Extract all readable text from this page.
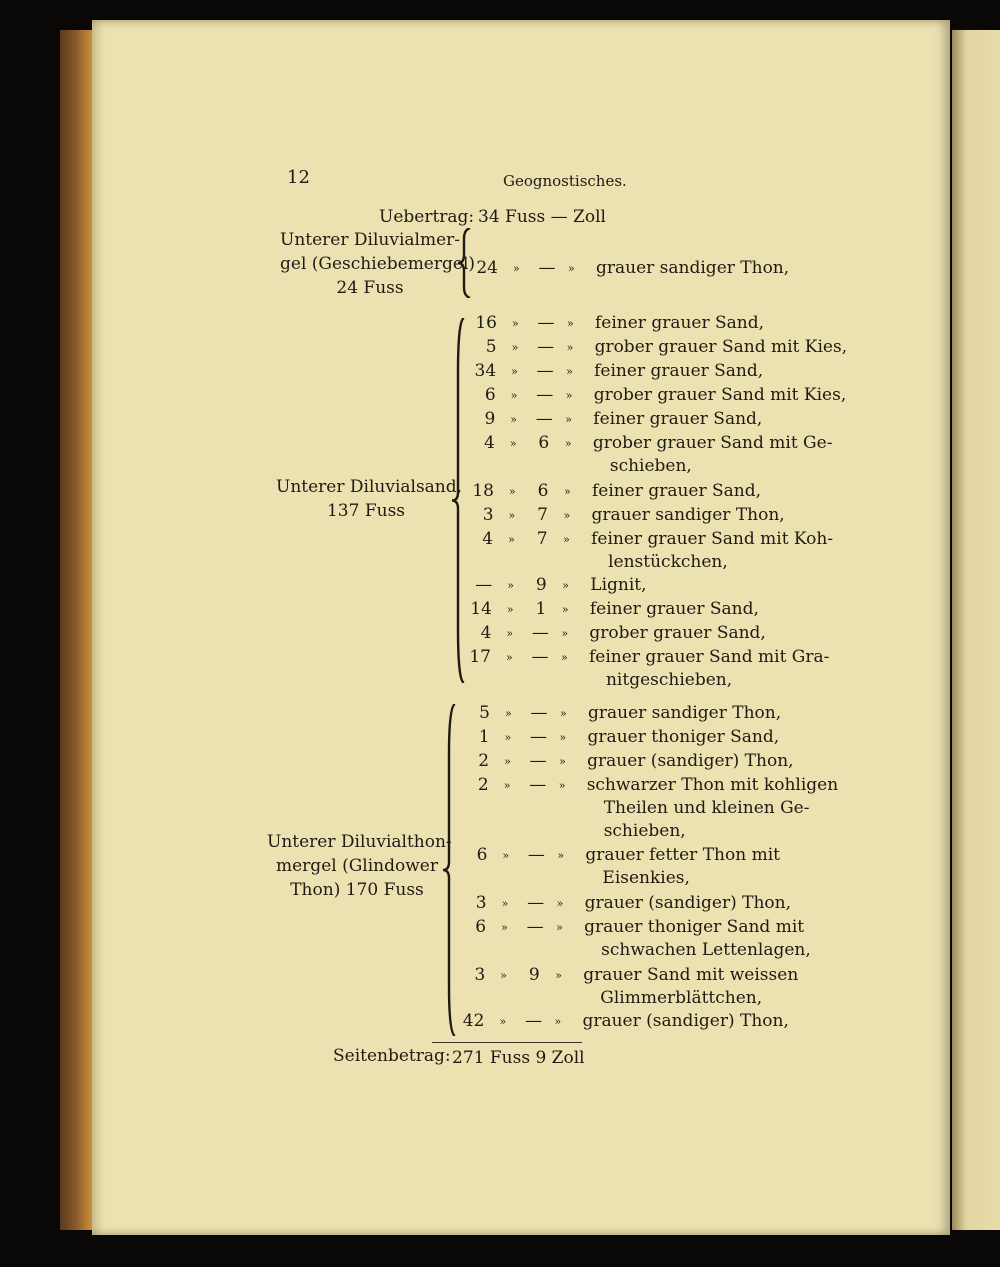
12	Geognostisches.
Uebertrag: 34 Fuss — Zoll
Unterer Diluvialmer-
gel (Geschiebemergel)
24 Fuss
24 » — » grauer sandiger Thon,
Unterer Diluvialsand,
137 Fuss
16 » — » feiner grauer Sand,
5 » — » grober grauer Sand mit Kies,
34 » — » feiner grauer Sand,
6 » — » grober grauer Sand mit Kies,
9 » — » feiner grauer Sand,
4 »	6	» grober grauer Sand mit Ge-
schieben,
18 »	6	» feiner grauer Sand,
3 »	7	» grauer sandiger Thon,
4 »	7	» feiner grauer Sand mit Koh-
lenstückchen,
— »	9	» Lignit,
14 »	1	» feiner grauer Sand,
4 » — » grober grauer Sand,
17 » — » feiner grauer Sand mit Gra-
nitgeschieben,
Unterer Diluvialthon-
mergel (Glindower
Thon) 170 Fuss
5 » — » grauer sandiger Thon,
1 » — » grauer thoniger Sand,
2 » — » grauer (sandiger) Thon,
2 » — » schwarzer Thon mit kohligen
Theilen und kleinen Ge-
schieben,
6 » — » grauer fetter Thon mit
Eisenkies,
3 » — » grauer (sandiger) Thon,
6 » — » grauer thoniger Sand mit
schwachen Lettenlagen,
3 »	9	» grauer Sand mit weissen
Glimmerblättchen,
42 » — » grauer (sandiger) Thon,
Seitenbetrag: 271 Fuss 9 Zoll
